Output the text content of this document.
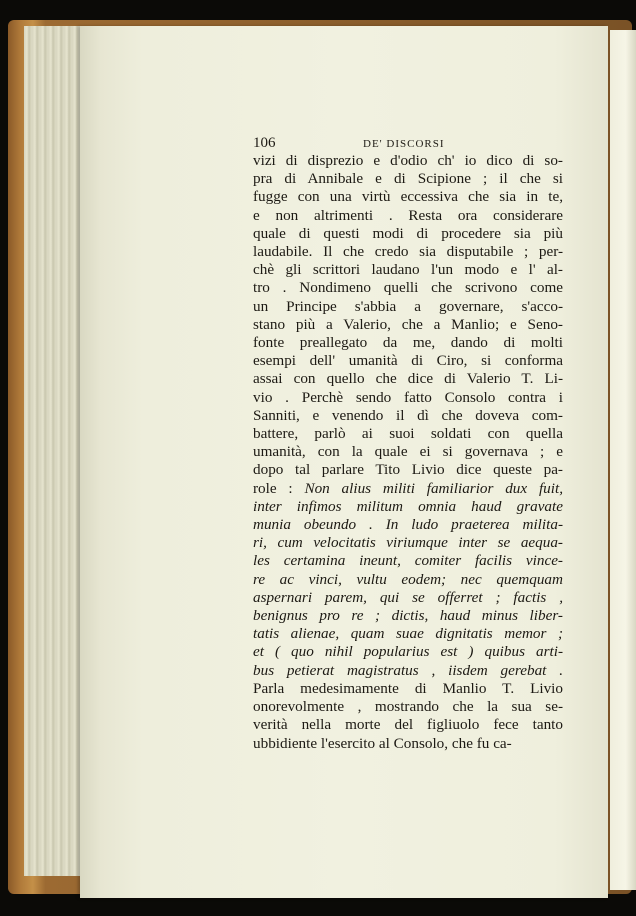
106	DE' DISCORSI
vizi di disprezio e d'odio ch' io dico di so-
pra di Annibale e di Scipione ; il che si
fugge con una virtù eccessiva che sia in te,
e non altrimenti . Resta ora considerare
quale di questi modi di procedere sia più
laudabile. Il che credo sia disputabile ; per-
chè gli scrittori laudano l'un modo e l' al-
tro . Nondimeno quelli che scrivono come
un Principe s'abbia a governare, s'acco-
stano più a Valerio, che a Manlio; e Seno-
fonte preallegato da me, dando di molti
esempi dell' umanità di Ciro, si conforma
assai con quello che dice di Valerio T. Li-
vio . Perchè sendo fatto Consolo contra i
Sanniti, e venendo il dì che doveva com-
battere, parlò ai suoi soldati con quella
umanità, con la quale ei si governava ; e
dopo tal parlare Tito Livio dice queste pa-
role : Non alius militi familiarior dux fuit,
inter infimos militum omnia haud gravate
munia obeundo . In ludo praeterea milita-
ri, cum velocitatis viriumque inter se aequa-
les certamina ineunt, comiter facilis vince-
re ac vinci, vultu eodem; nec quemquam
aspernari parem, qui se offerret ; factis ,
benignus pro re ; dictis, haud minus liber-
tatis alienae, quam suae dignitatis memor ;
et ( quo nihil popularius est ) quibus arti-
bus petierat magistratus , iisdem gerebat .
Parla medesimamente di Manlio T. Livio
onorevolmente , mostrando che la sua se-
verità nella morte del figliuolo fece tanto
ubbidiente l'esercito al Consolo, che fu ca-
